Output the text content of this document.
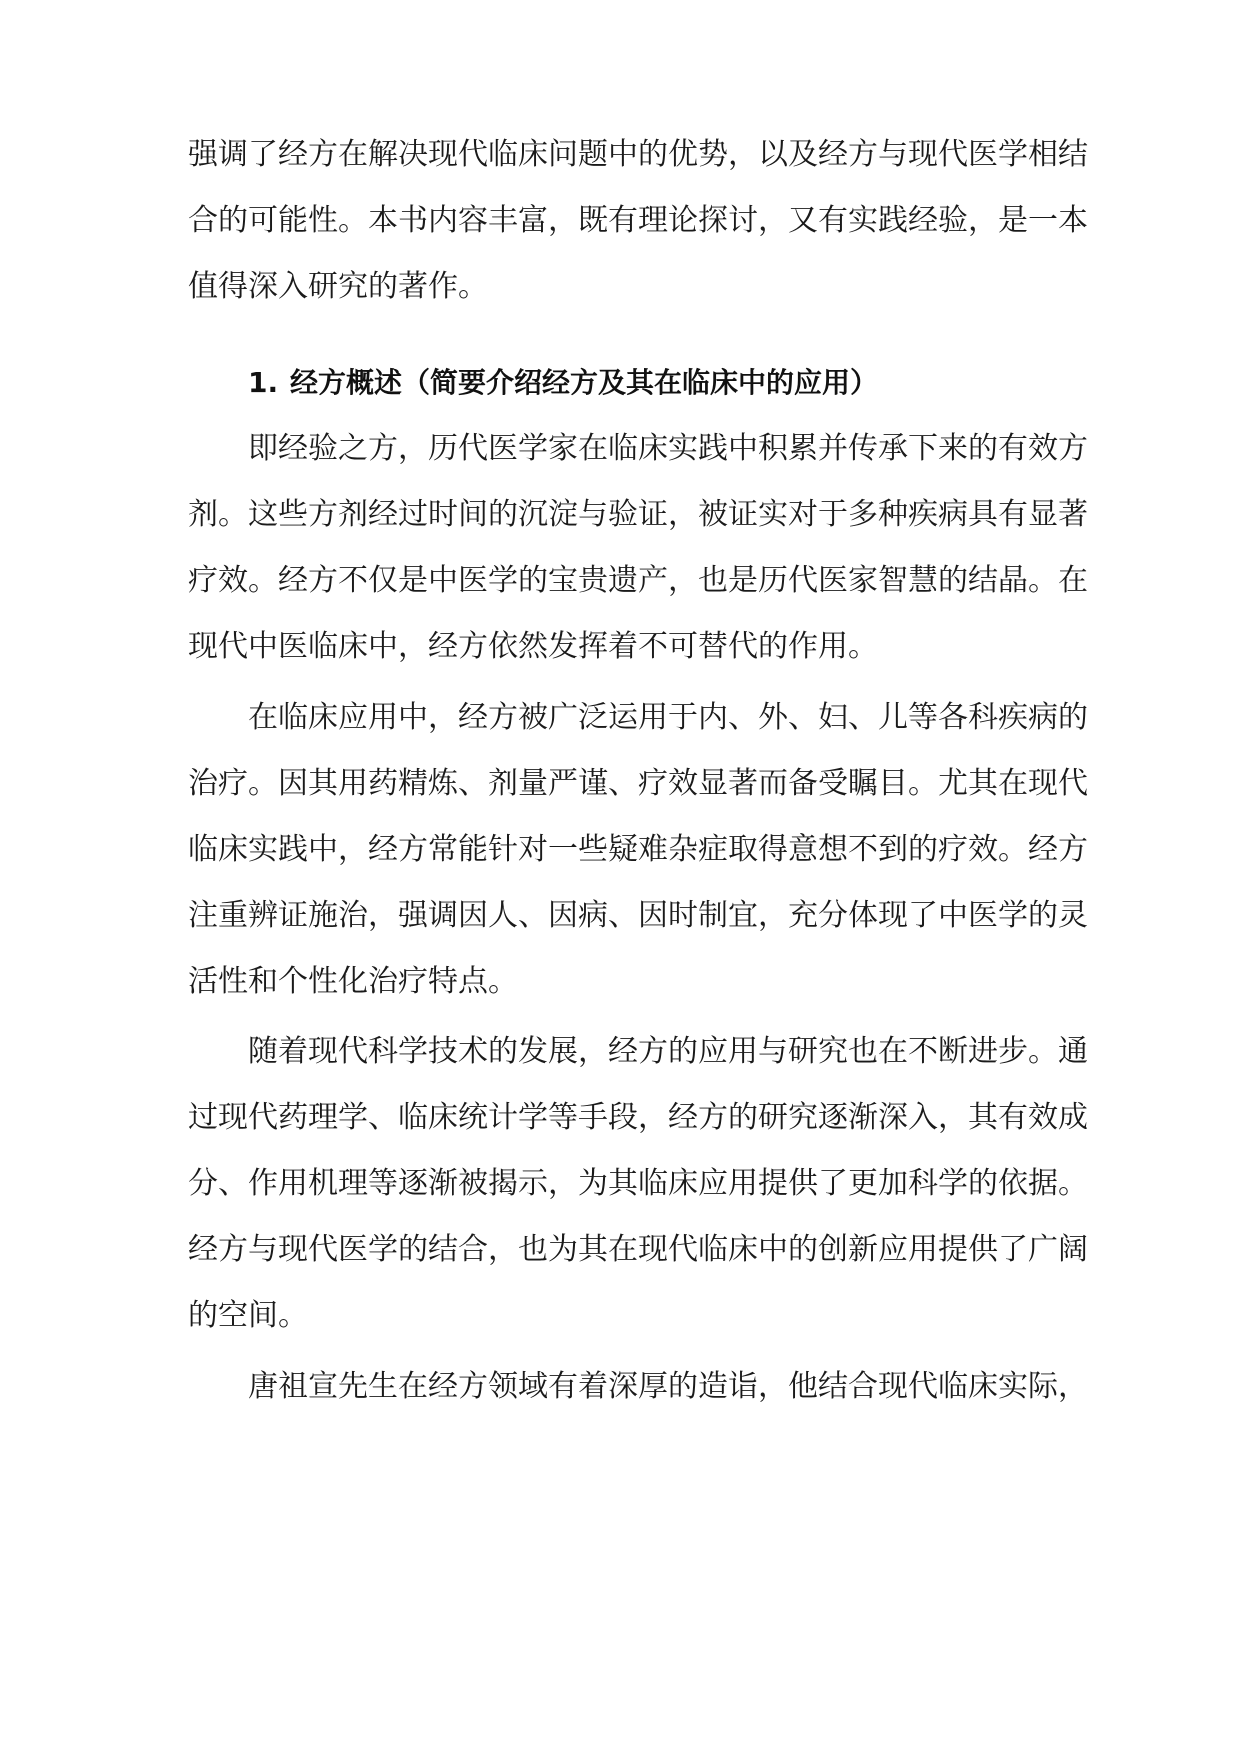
强调了经方在解决现代临床问题中的优势，以及经方与现代医学相结
合的可能性。本书内容丰富，既有理论探讨，又有实践经验，是一本
值得深入研究的著作。
1. 经方概述（简要介绍经方及其在临床中的应用）
即经验之方，历代医学家在临床实践中积累并传承下来的有效方
剂。这些方剂经过时间的沉淀与验证，被证实对于多种疾病具有显著
疗效。经方不仅是中医学的宝贵遗产，也是历代医家智慧的结晶。在
现代中医临床中，经方依然发挥着不可替代的作用。
在临床应用中，经方被广泛运用于内、外、妇、儿等各科疾病的
治疗。因其用药精炼、剂量严谨、疗效显著而备受瞩目。尤其在现代
临床实践中，经方常能针对一些疑难杂症取得意想不到的疗效。经方
注重辨证施治，强调因人、因病、因时制宜，充分体现了中医学的灵
活性和个性化治疗特点。
随着现代科学技术的发展，经方的应用与研究也在不断进步。通
过现代药理学、临床统计学等手段，经方的研究逐渐深入，其有效成
分、作用机理等逐渐被揭示，为其临床应用提供了更加科学的依据。
经方与现代医学的结合，也为其在现代临床中的创新应用提供了广阔
的空间。
唐祖宣先生在经方领域有着深厚的造诣，他结合现代临床实际，
